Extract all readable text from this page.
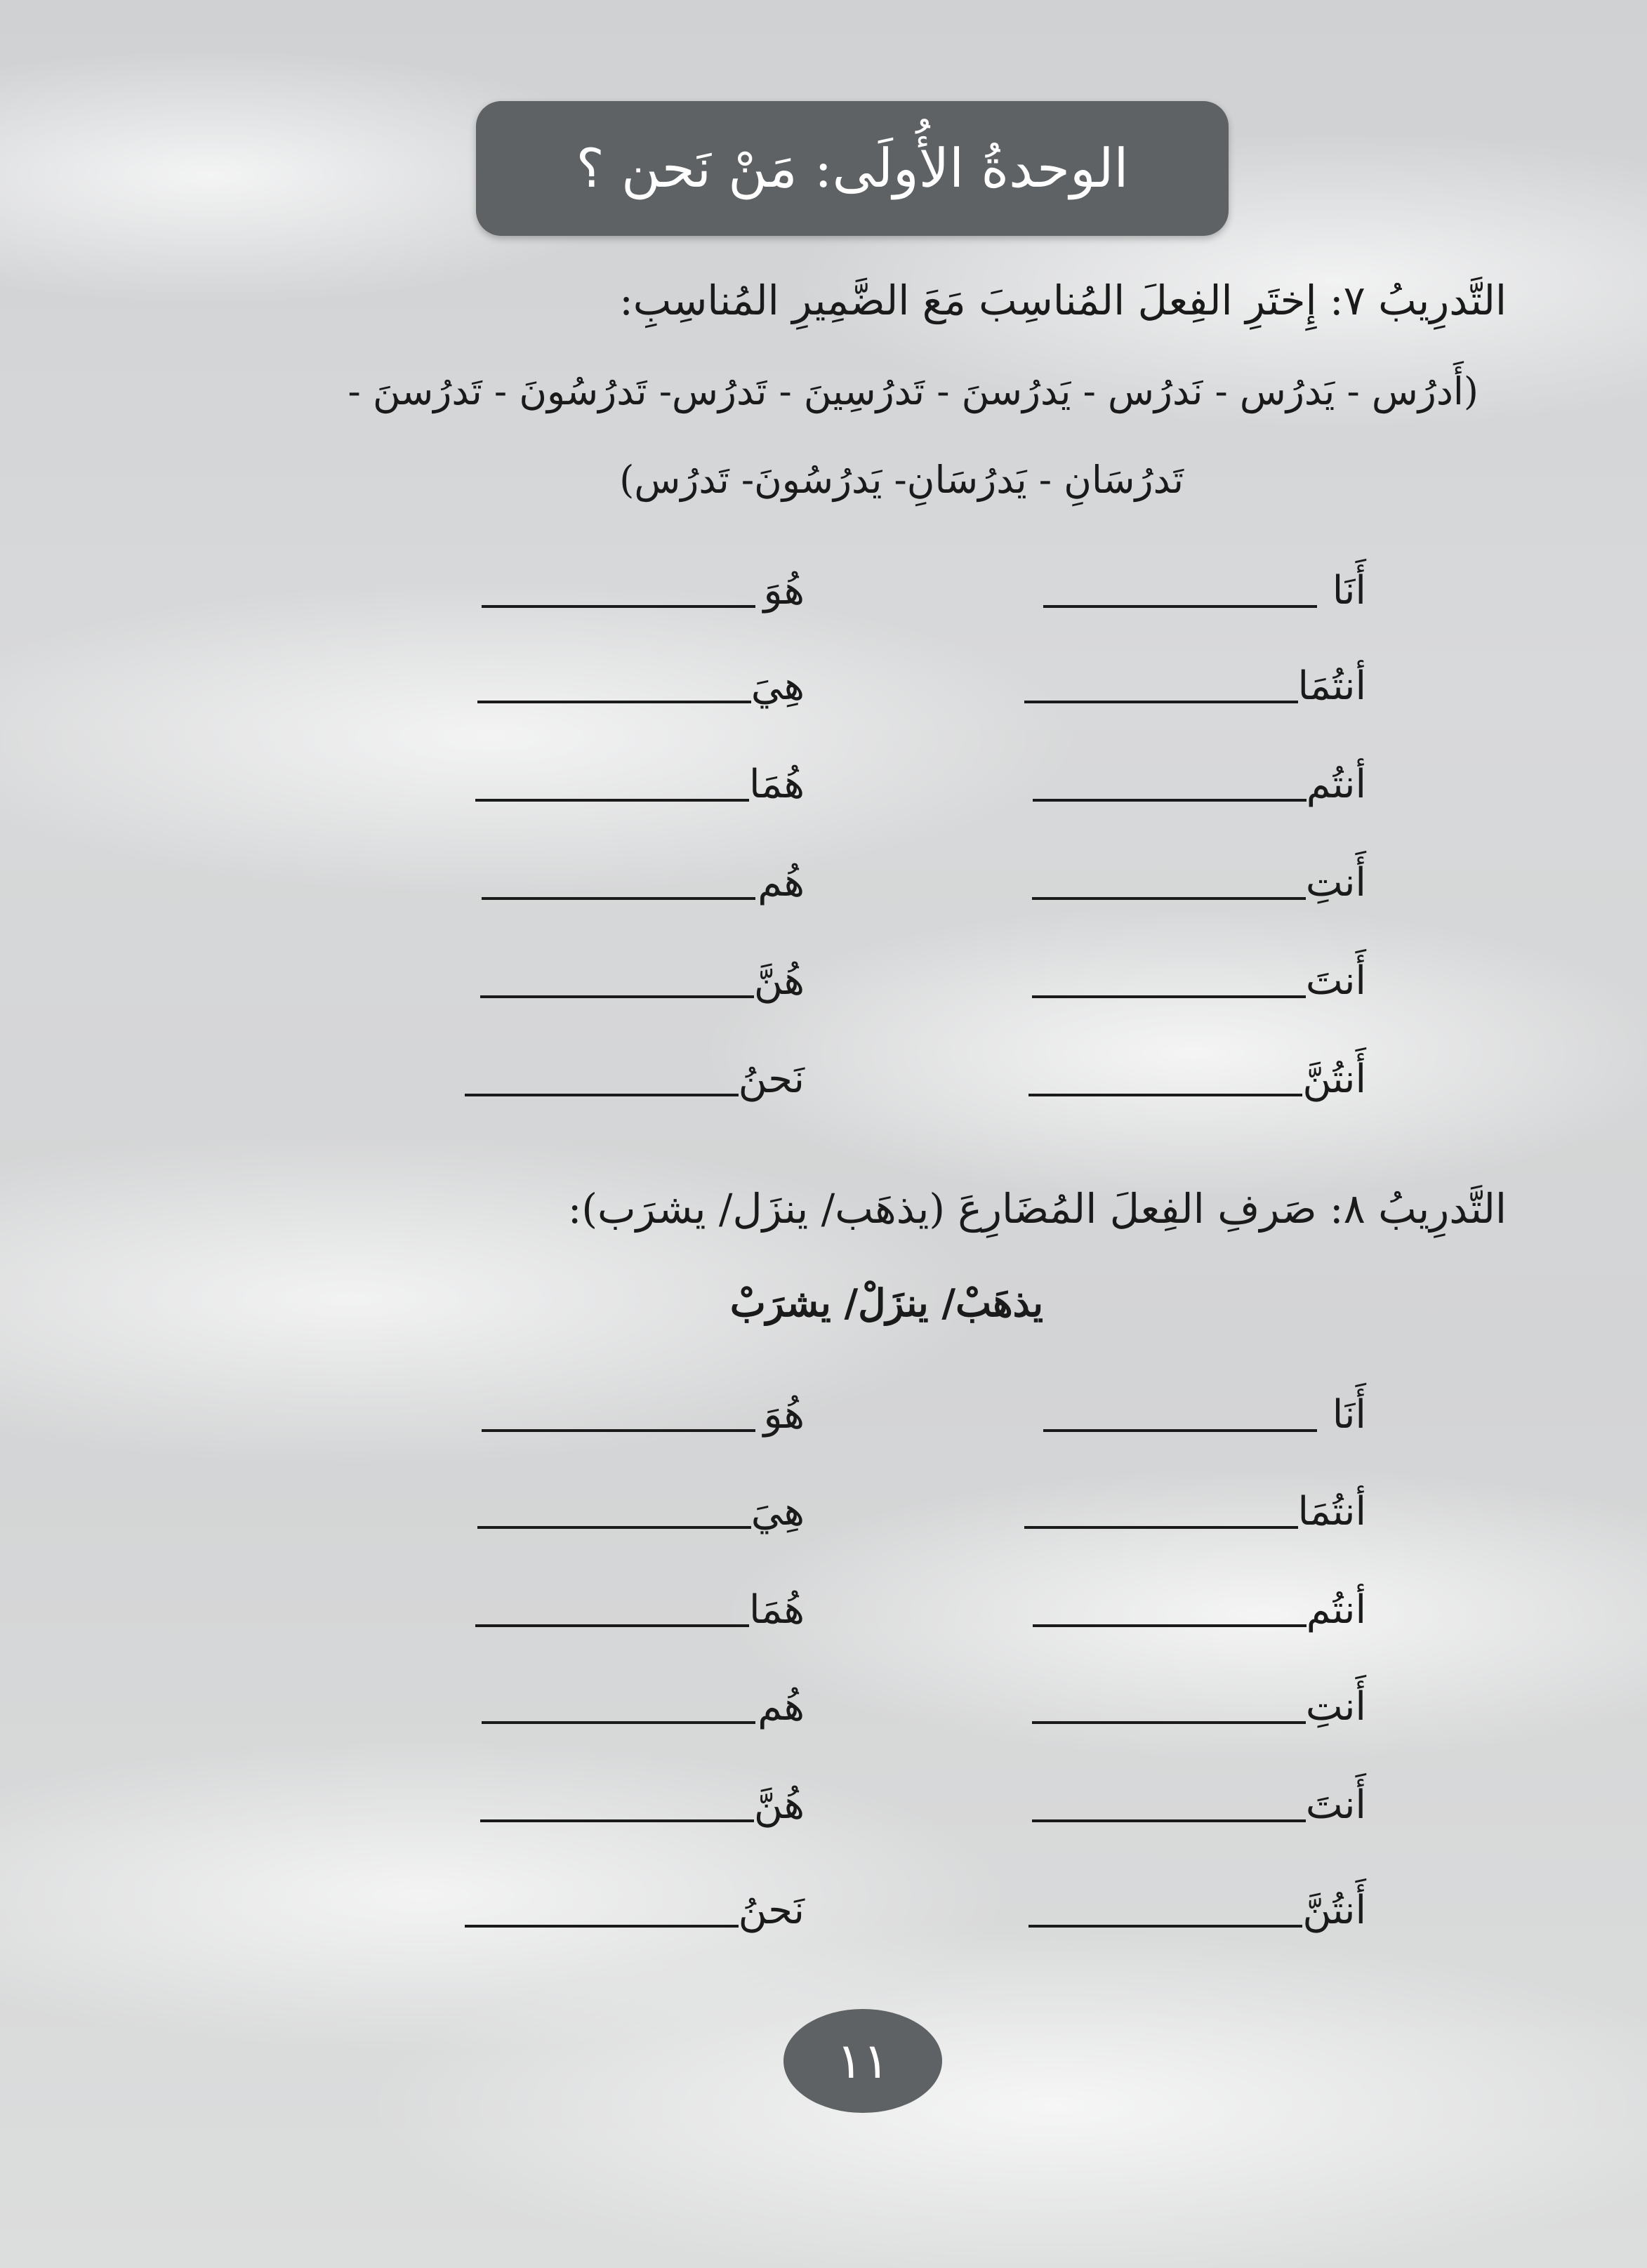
الوحدةُ الأُولَى: مَنْ نَحن ؟
التَّدرِيبُ ٧: إِختَرِ الفِعلَ المُناسِبَ مَعَ الضَّمِيرِ المُناسِبِ:
(أَدرُس - يَدرُس - نَدرُس - يَدرُسنَ - تَدرُسِينَ - تَدرُس- تَدرُسُونَ - تَدرُسنَ -
تَدرُسَانِ - يَدرُسَانِ- يَدرُسُونَ- تَدرُس)
أَنَا
هُوَ
أنتُمَا
هِيَ
أنتُم
هُمَا
أَنتِ
هُم
أَنتَ
هُنَّ
أَنتُنَّ
نَحنُ
التَّدرِيبُ ٨: صَرفِ الفِعلَ المُضَارِعَ (يذهَب/ ينزَل/ يشرَب):
يذهَبْ/ ينزَلْ/ يشرَبْ
أَنَا
هُوَ
أنتُمَا
هِيَ
أنتُم
هُمَا
أَنتِ
هُم
أَنتَ
هُنَّ
أَنتُنَّ
نَحنُ
١١
